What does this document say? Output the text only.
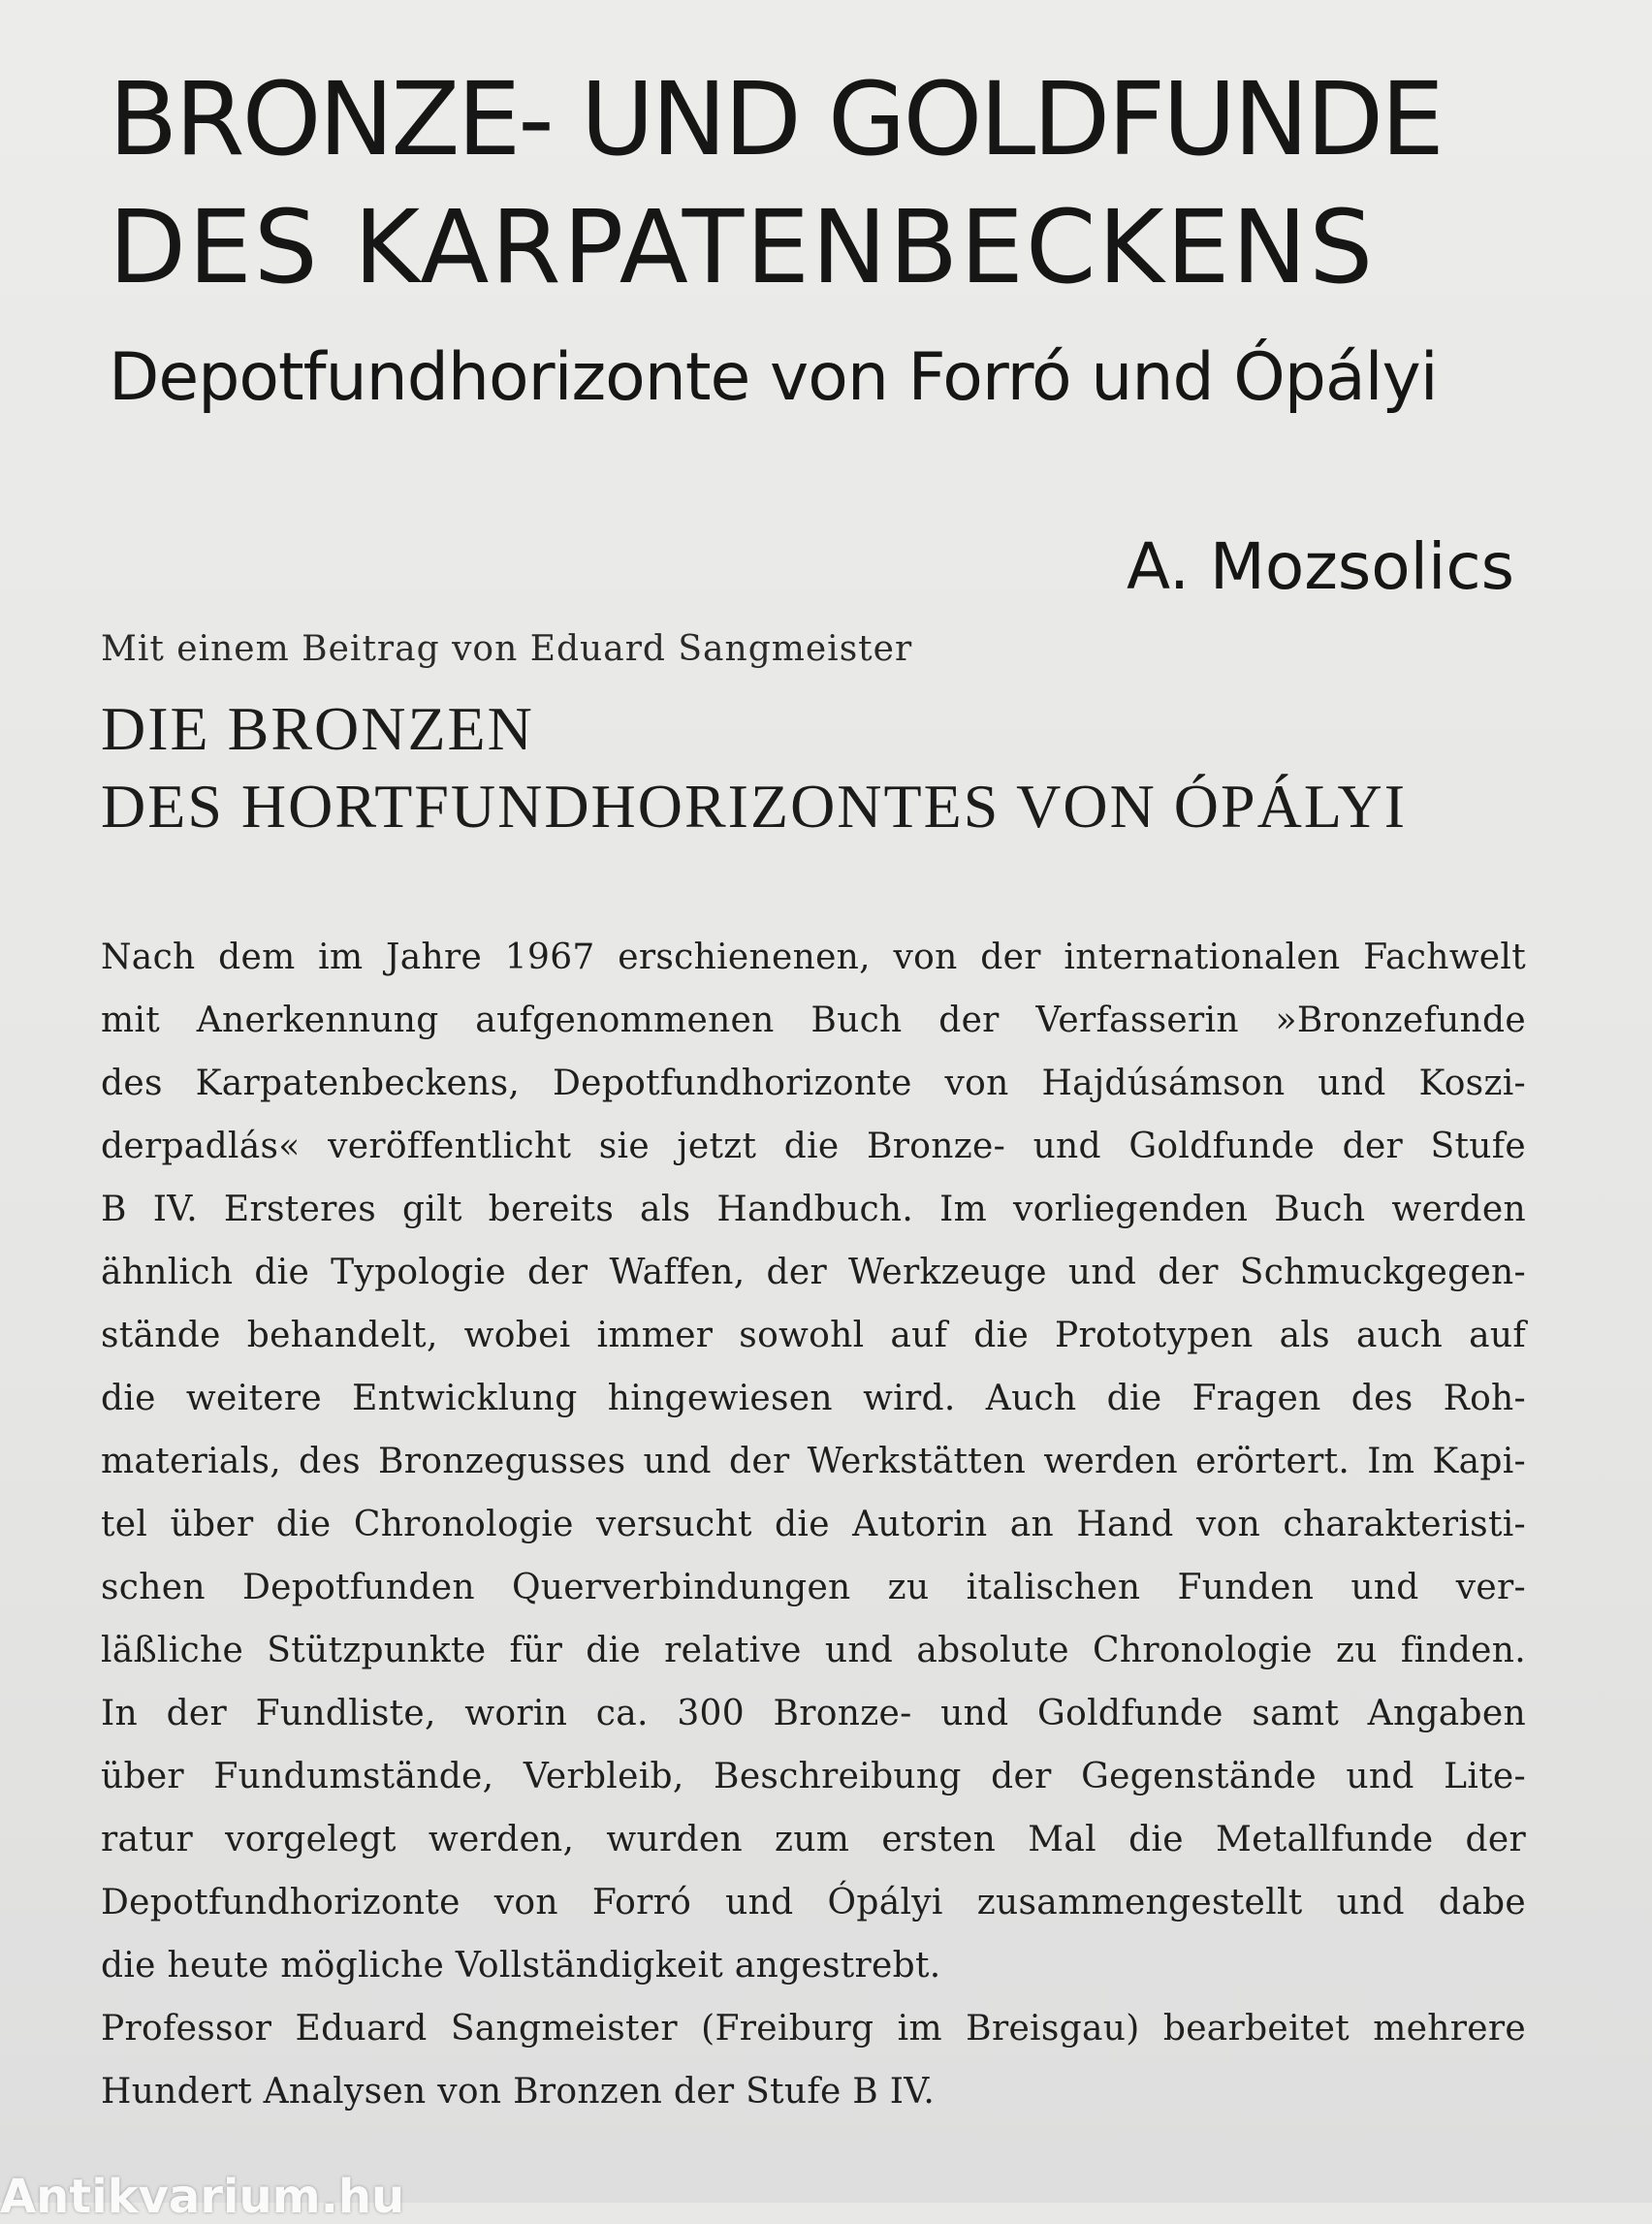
BRONZE- UND GOLDFUNDE
DES KARPATENBECKENS
Depotfundhorizonte von Forró und Ópályi
A. Mozsolics
Mit einem Beitrag von Eduard Sangmeister
DIE BRONZEN
DES HORTFUNDHORIZONTES VON ÓPÁLYI
Nach dem im Jahre 1967 erschienenen, von der internationalen Fachwelt
mit Anerkennung aufgenommenen Buch der Verfasserin »Bronzefunde
des Karpatenbeckens, Depotfundhorizonte von Hajdúsámson und Koszi-
derpadlás« veröffentlicht sie jetzt die Bronze- und Goldfunde der Stufe
B IV. Ersteres gilt bereits als Handbuch. Im vorliegenden Buch werden
ähnlich die Typologie der Waffen, der Werkzeuge und der Schmuckgegen-
stände behandelt, wobei immer sowohl auf die Prototypen als auch auf
die weitere Entwicklung hingewiesen wird. Auch die Fragen des Roh-
materials, des Bronzegusses und der Werkstätten werden erörtert. Im Kapi-
tel über die Chronologie versucht die Autorin an Hand von charakteristi-
schen Depotfunden Querverbindungen zu italischen Funden und ver-
läßliche Stützpunkte für die relative und absolute Chronologie zu finden.
In der Fundliste, worin ca. 300 Bronze- und Goldfunde samt Angaben
über Fundumstände, Verbleib, Beschreibung der Gegenstände und Lite-
ratur vorgelegt werden, wurden zum ersten Mal die Metallfunde der
Depotfundhorizonte von Forró und Ópályi zusammengestellt und dabe
die heute mögliche Vollständigkeit angestrebt.
Professor Eduard Sangmeister (Freiburg im Breisgau) bearbeitet mehrere
Hundert Analysen von Bronzen der Stufe B IV.
Antikvarium.hu
